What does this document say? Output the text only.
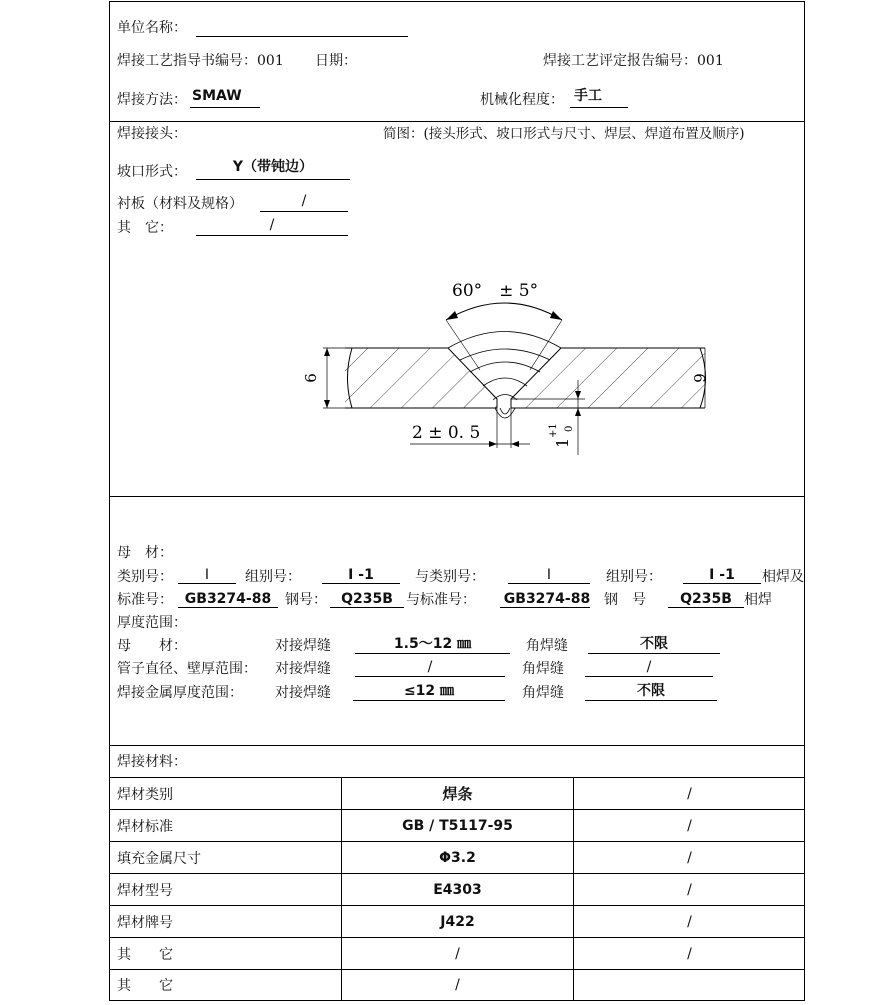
单位名称：
焊接工艺指导书编号：001 日期：	焊接工艺评定报告编号：001
焊接方法： SMAW	机械化程度： 手工
焊接接头：	简图：(接头形式、坡口形式与尺寸、焊层、焊道布置及顺序)
坡口形式：	Y（带钝边）
衬板（材料及规格）	/
其　它：	/
60°　± 5°
6	6
2 ± 0. 5	1
+1 0
母　材：
类别号：	I	组别号：	I -1	与类别号：	I	组别号：	I -1	相焊及
标准号： GB3274-88 钢号：	Q235B 与标准号： GB3274-88 钢　号	Q235B 相焊
厚度范围：
母　　材：	对接焊缝	1.5～12 ㎜	角焊缝	不限
管子直径、壁厚范围： 对接焊缝	/	角焊缝	/
焊接金属厚度范围： 对接焊缝	≤12 ㎜	角焊缝	不限
焊接材料：
焊材类别	焊条	/
焊材标准	GB / T5117-95	/
填充金属尺寸	Φ3.2	/
焊材型号	E4303	/
焊材牌号	J422	/
其　　它	/	/
其　　它	/
